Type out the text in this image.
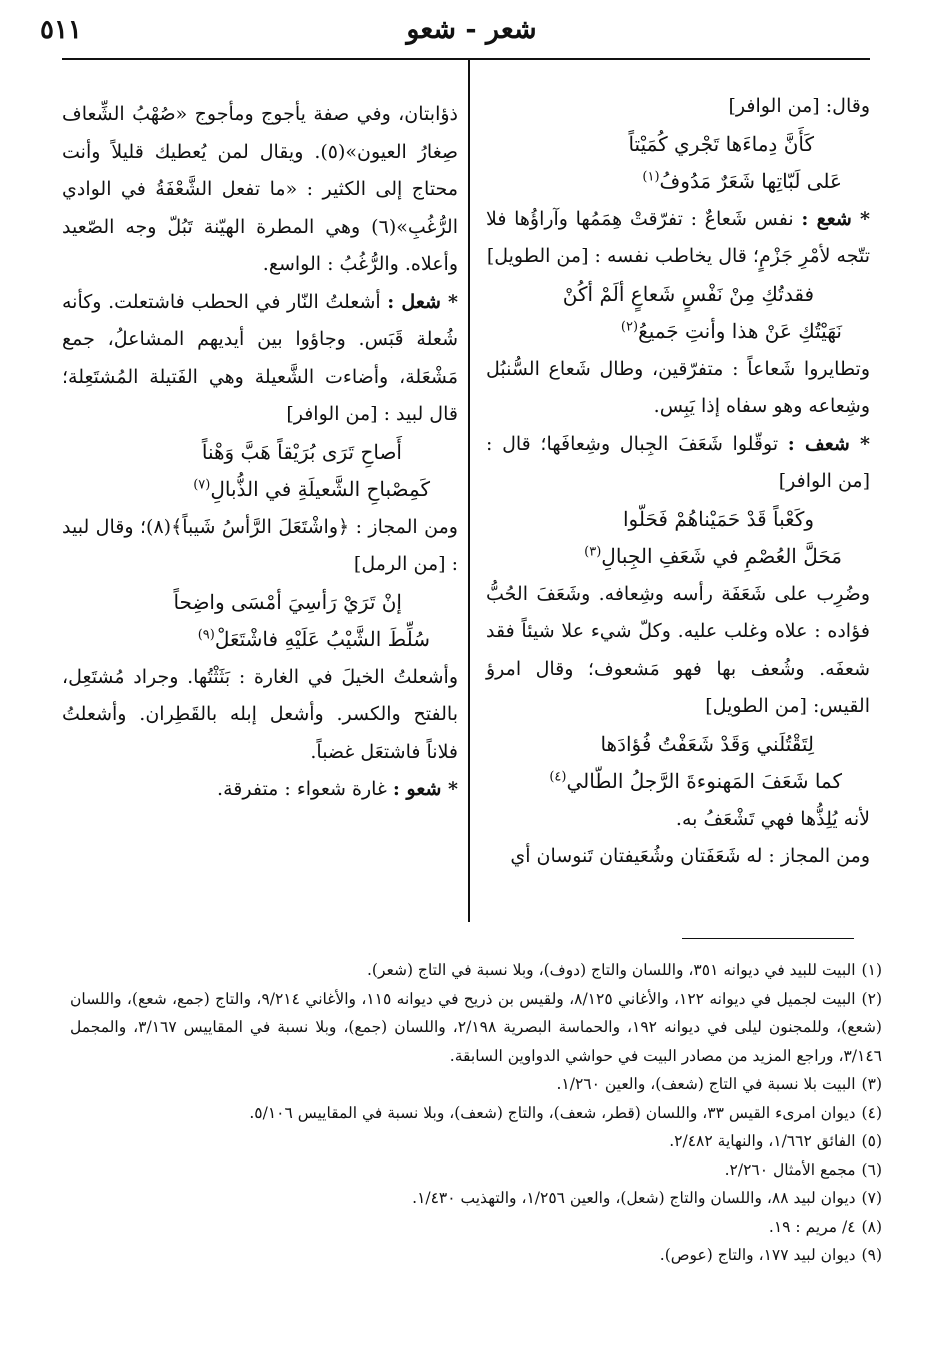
شعر - شعو
٥١١

وقال: [من الوافر]

كَأَنَّ دِماءَها تَجْري كُمَيْتاً
عَلى لَبّاتِها شَعَرٌ مَدُوفُ$^{(١)}$

* شعع : نفس شَعاعٌ : تفرّقتْ هِمَمُها وآراؤُها فلا تتّجه لأمْرِ جَزْمٍ؛ قال يخاطب نفسه : [من الطويل]

فقدتُكِ مِنْ نَفْسٍ شَعاعٍ ألَمْ أكُنْ
نَهَيْتُكِ عَنْ هذا وأنتِ جَميعُ$^{(٢)}$

وتطايروا شَعاعاً : متفرّقين، وطال شَعاع السُّنبُل وشِعاعه وهو سفاه إذا يَبِس.

* شعف : توقّلوا شَعَفَ الجِبال وشِعافَها؛ قال : [من الوافر]

وكَعْباً قَدْ حَمَيْناهُمْ فَحَلّوا
مَحَلَّ العُصْمِ في شَعَفِ الجِبالِ$^{(٣)}$

وضُرِب على شَعَفَة رأسه وشِعافه. وشَعَفَ الحُبُّ فؤاده : علاه وغلب عليه. وكلّ شيء علا شيئاً فقد شعفَه. وشُعف بها فهو مَشعوف؛ وقال امرؤ القيس: [من الطويل]

لِتَقْتُلَني وَقَدْ شَعَفْتُ فُؤادَها
كما شَعَفَ المَهنوءةَ الرَّجلُ الطّالي$^{(٤)}$

لأنه يُلِذُّها فهي تَشْعَفُ به.

ومن المجاز : له شَعَفَتان وشُعَيفتان تَنوسان أي

ذؤابتان، وفي صفة يأجوج ومأجوج «صُهْبُ الشِّعاف صِغارُ العيون»(٥). ويقال لمن يُعطيك قليلاً وأنت محتاج إلى الكثير : «ما تفعل الشَّعْفَةُ في الوادي الرُّغُبِ»(٦) وهي المطرة الهيّنة تَبُلّ وجه الصّعيد وأعلاه. والرُّغُبُ : الواسع.

* شعل : أشعلتُ النّار في الحطب فاشتعلت. وكأنه شُعلة قَبَس. وجاؤوا بين أيديهم المشاعلُ، جمع مَشْعَلة، وأضاءت الشَّعيلة وهي الفَتيلة المُشتَعِلة؛ قال لبيد : [من الوافر]

أَصاحِ تَرَى بُرَيْقاً هَبَّ وَهْناً
كَمِصْباحِ الشَّعيلَةِ في الذُّبالِ$^{(٧)}$

ومن المجاز : ﴿واشْتَعَلَ الرَّأسُ شَيباً﴾(٨)؛ وقال لبيد : [من الرمل]

إنْ تَرَيْ رَأسِيَ أمْسَى واضِحاً
سُلِّطَ الشَّيْبُ عَلَيْهِ فاشْتَعَلْ$^{(٩)}$

وأشعلتُ الخيلَ في الغارة : بَثَثْتُها. وجراد مُشتَعِل، بالفتح والكسر. وأشعل إبله بالقَطِران. وأشعلتُ فلاناً فاشتعَل غضباً.

* شعو : غارة شعواء : متفرقة.

(١)البيت للبيد في ديوانه ٣٥١، واللسان والتاج (دوف)، وبلا نسبة في التاج (شعر).
(٢)البيت لجميل في ديوانه ١٢٢، والأغاني ٨/١٢٥، ولقيس بن ذريح في ديوانه ١١٥، والأغاني ٩/٢١٤، والتاج (جمع، شعع)، واللسان (شعع)، وللمجنون ليلى في ديوانه ١٩٢، والحماسة البصرية ٢/١٩٨، واللسان (جمع)، وبلا نسبة في المقاييس ٣/١٦٧، والمجمل ٣/١٤٦، وراجع المزيد من مصادر البيت في حواشي الدواوين السابقة.
(٣)البيت بلا نسبة في التاج (شعف)، والعين ١/٢٦٠.
(٤)ديوان امرىء القيس ٣٣، واللسان (قطر، شعف)، والتاج (شعف)، وبلا نسبة في المقاييس ٥/١٠٦.
(٥)الفائق ١/٦٦٢، والنهاية ٢/٤٨٢.
(٦)مجمع الأمثال ٢/٢٦٠.
(٧)ديوان لبيد ٨٨، واللسان والتاج (شعل)، والعين ١/٢٥٦، والتهذيب ١/٤٣٠.
(٨)٤/ مريم : ١٩.
(٩)ديوان لبيد ١٧٧، والتاج (عوص).
